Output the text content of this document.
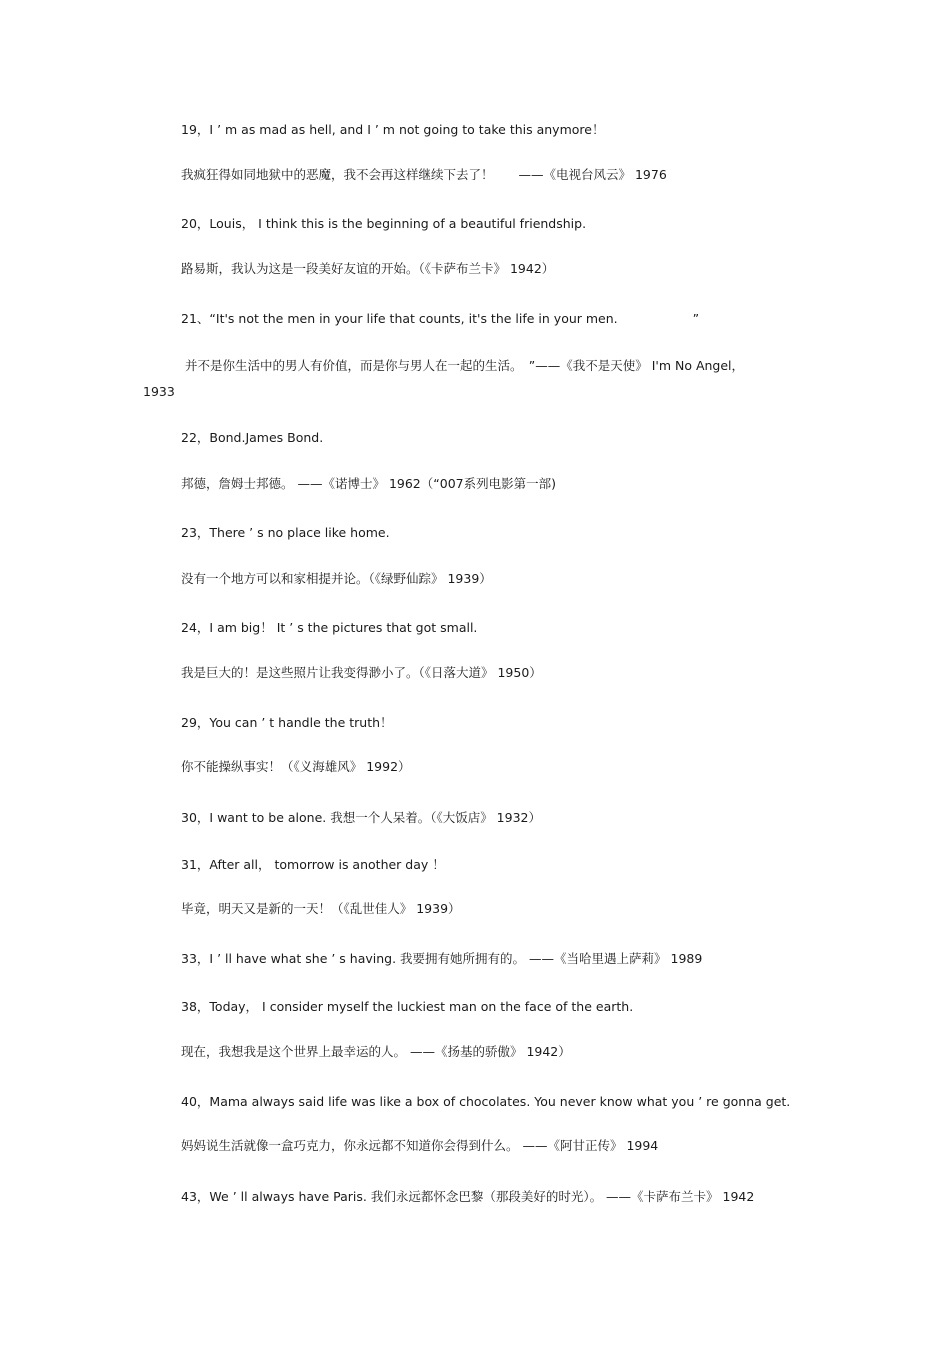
19，I ’ m as mad as hell, and I ’ m not going to take this anymore！
我疯狂得如同地狱中的恶魔，我不会再这样继续下去了！　　——《电视台风云》 1976
20，Louis， I think this is the beginning of a beautiful friendship.
路易斯，我认为这是一段美好友谊的开始。（《卡萨布兰卡》 1942）
21、“It's not the men in your life that counts, it's the life in your men.　　　　　　”
并不是你生活中的男人有价值，而是你与男人在一起的生活。　”——《我不是天使》 I'm No Angel，
1933
22，Bond.James Bond.
邦德，詹姆士邦德。 ——《诺博士》 1962（“007系列电影第一部)
23，There ’ s no place like home.
没有一个地方可以和家相提并论。（《绿野仙踪》 1939）
24，I am big！ It ’ s the pictures that got small.
我是巨大的！是这些照片让我变得渺小了。（《日落大道》 1950）
29，You can ’ t handle the truth！
你不能操纵事实！（《义海雄风》 1992）
30，I want to be alone. 我想一个人呆着。（《大饭店》 1932）
31，After all， tomorrow is another day ！
毕竟，明天又是新的一天！（《乱世佳人》 1939）
33，I ’ ll have what she ’ s having. 我要拥有她所拥有的。 ——《当哈里遇上萨莉》 1989
38，Today， I consider myself the luckiest man on the face of the earth.
现在，我想我是这个世界上最幸运的人。 ——《扬基的骄傲》 1942）
40，Mama always said life was like a box of chocolates. You never know what you ’ re gonna get.
妈妈说生活就像一盒巧克力，你永远都不知道你会得到什么。 ——《阿甘正传》 1994
43，We ’ ll always have Paris. 我们永远都怀念巴黎（那段美好的时光）。 ——《卡萨布兰卡》 1942
